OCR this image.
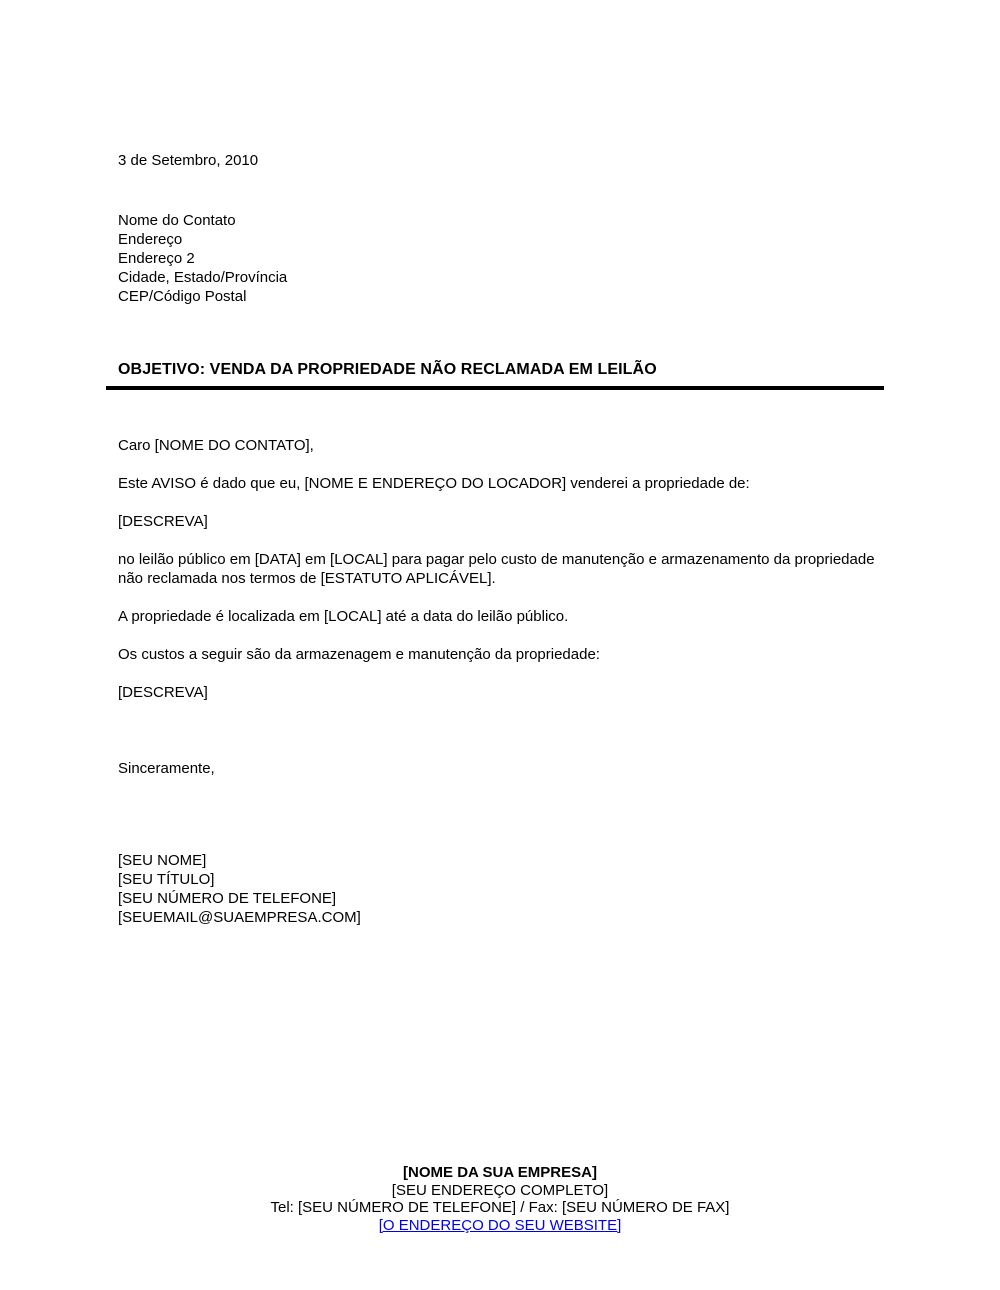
3 de Setembro, 2010
Nome do Contato
Endereço
Endereço 2
Cidade, Estado/Província
CEP/Código Postal
OBJETIVO: VENDA DA PROPRIEDADE NÃO RECLAMADA EM LEILÃO

Caro [NOME DO CONTATO],

Este AVISO é dado que eu, [NOME E ENDEREÇO DO LOCADOR] venderei a propriedade de:

[DESCREVA]

no leilão público em [DATA] em [LOCAL] para pagar pelo custo de manutenção e armazenamento da propriedade não reclamada nos termos de [ESTATUTO APLICÁVEL].

A propriedade é localizada em [LOCAL] até a data do leilão público.

Os custos a seguir são da armazenagem e manutenção da propriedade:

[DESCREVA]

Sinceramente,

[SEU NOME]
[SEU TÍTULO]
[SEU NÚMERO DE TELEFONE]
[SEUEMAIL@SUAEMPRESA.COM]
[NOME DA SUA EMPRESA]
[SEU ENDEREÇO COMPLETO]
Tel: [SEU NÚMERO DE TELEFONE] / Fax: [SEU NÚMERO DE FAX]
[O ENDEREÇO DO SEU WEBSITE]
